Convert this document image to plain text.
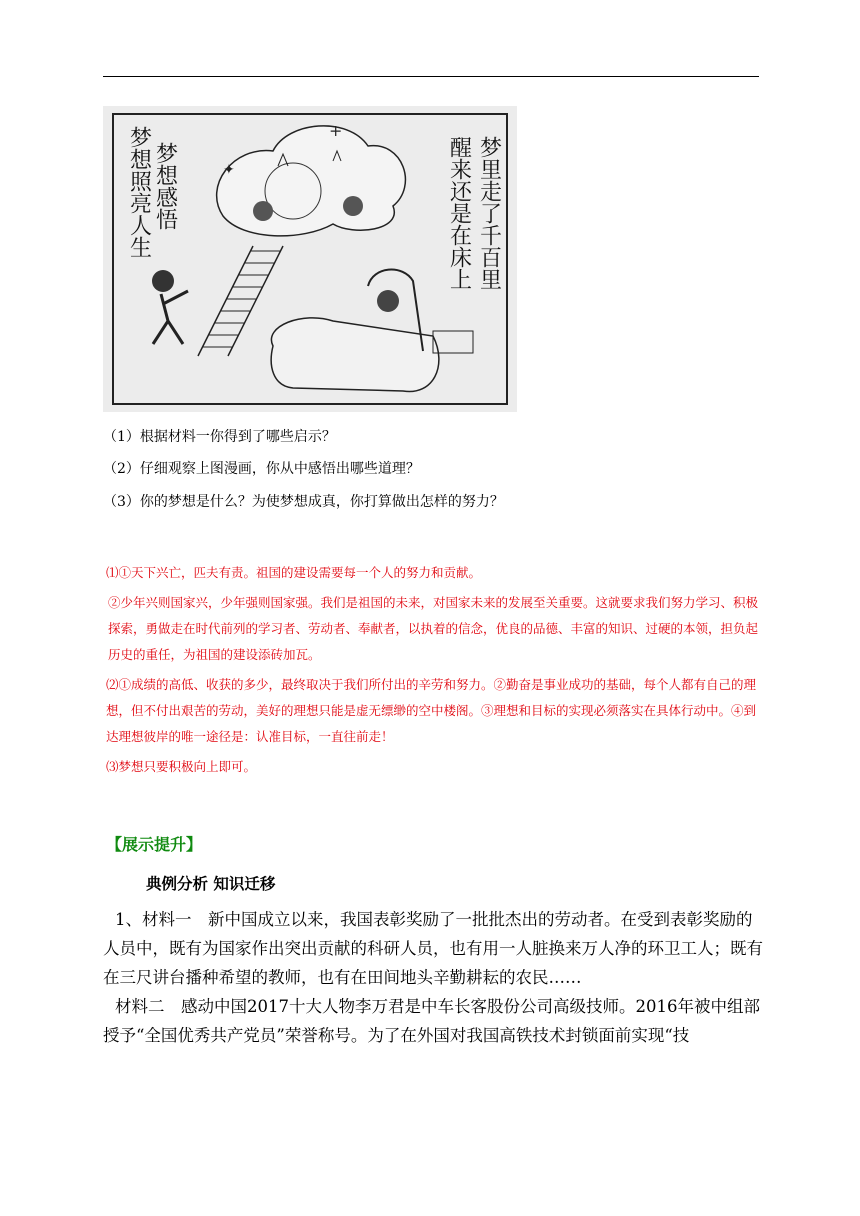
+
✦
梦想感悟
梦想照亮人生	梦里走了千百里
醒来还是在床上
（1）根据材料一你得到了哪些启示？
（2）仔细观察上图漫画，你从中感悟出哪些道理？
（3）你的梦想是什么？为使梦想成真，你打算做出怎样的努力？

⑴①天下兴亡，匹夫有责。祖国的建设需要每一个人的努力和贡献。

②少年兴则国家兴，少年强则国家强。我们是祖国的未来，对国家未来的发展至关重要。这就要求我们努力学习、积极探索，勇做走在时代前列的学习者、劳动者、奉献者，以执着的信念，优良的品德、丰富的知识、过硬的本领，担负起历史的重任，为祖国的建设添砖加瓦。

⑵①成绩的高低、收获的多少，最终取决于我们所付出的辛劳和努力。②勤奋是事业成功的基础，每个人都有自己的理想，但不付出艰苦的劳动，美好的理想只能是虚无缥缈的空中楼阁。③理想和目标的实现必须落实在具体行动中。④到达理想彼岸的唯一途径是：认准目标，一直往前走！

⑶梦想只要积极向上即可。

【展示提升】
典例分析 知识迁移

1、材料一　新中国成立以来，我国表彰奖励了一批批杰出的劳动者。在受到表彰奖励的人员中，既有为国家作出突出贡献的科研人员，也有用一人脏换来万人净的环卫工人；既有在三尺讲台播种希望的教师，也有在田间地头辛勤耕耘的农民……

材料二　感动中国2017十大人物李万君是中车长客股份公司高级技师。2016年被中组部授予“全国优秀共产党员”荣誉称号。为了在外国对我国高铁技术封锁面前实现“技
